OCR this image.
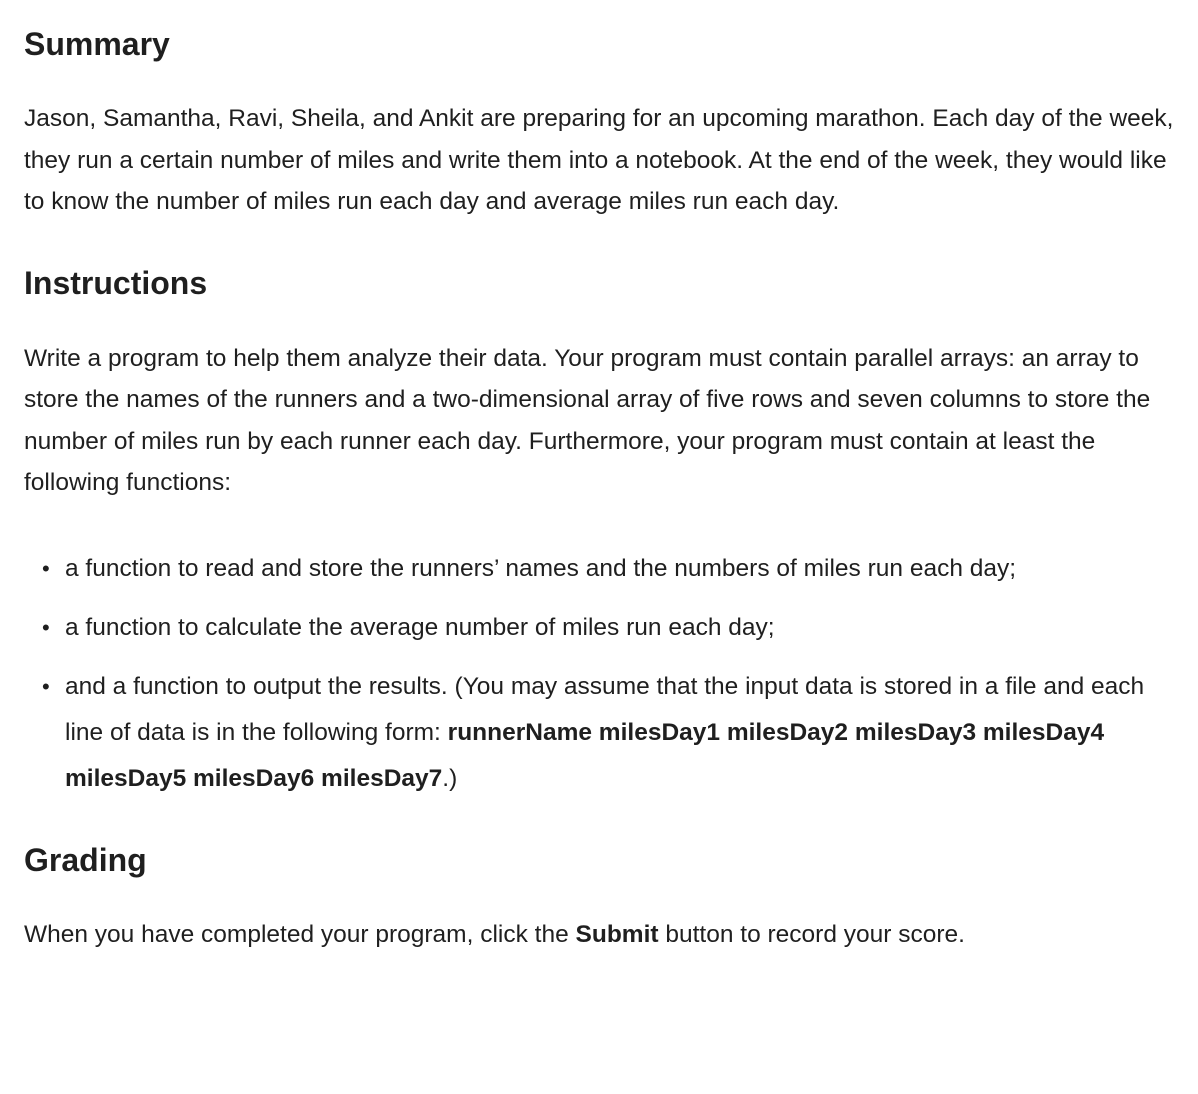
Summary

Jason, Samantha, Ravi, Sheila, and Ankit are preparing for an upcoming marathon. Each day of the week, they run a certain number of miles and write them into a notebook. At the end of the week, they would like to know the number of miles run each day and average miles run each day.

Instructions

Write a program to help them analyze their data. Your program must contain parallel arrays: an array to store the names of the runners and a two-dimensional array of five rows and seven columns to store the number of miles run by each runner each day. Furthermore, your program must contain at least the following functions:

• a function to read and store the runners’ names and the numbers of miles run each day;
• a function to calculate the average number of miles run each day;
• and a function to output the results. (You may assume that the input data is stored in a file and each line of data is in the following form: runnerName milesDay1 milesDay2 milesDay3 milesDay4 milesDay5 milesDay6 milesDay7.)
Grading

When you have completed your program, click the Submit button to record your score.
